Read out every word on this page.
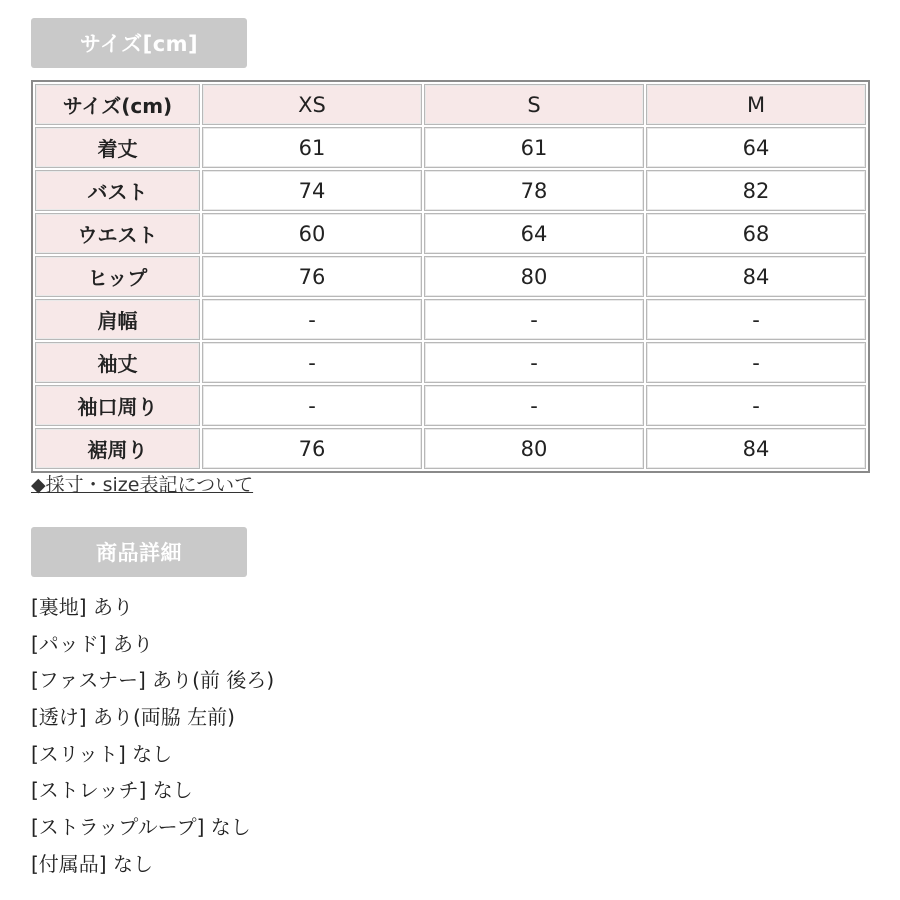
サイズ[cm]
サイズ(cm)	XS	S	M
着丈	61	61	64
バスト	74	78	82
ウエスト	60	64	68
ヒップ	76	80	84
肩幅	-	-	-
袖丈	-	-	-
袖口周り	-	-	-
裾周り	76	80	84
◆採寸・size表記について
商品詳細
[裏地] あり
[パッド] あり
[ファスナー] あり(前 後ろ)
[透け] あり(両脇 左前)
[スリット] なし
[ストレッチ] なし
[ストラップループ] なし
[付属品] なし
